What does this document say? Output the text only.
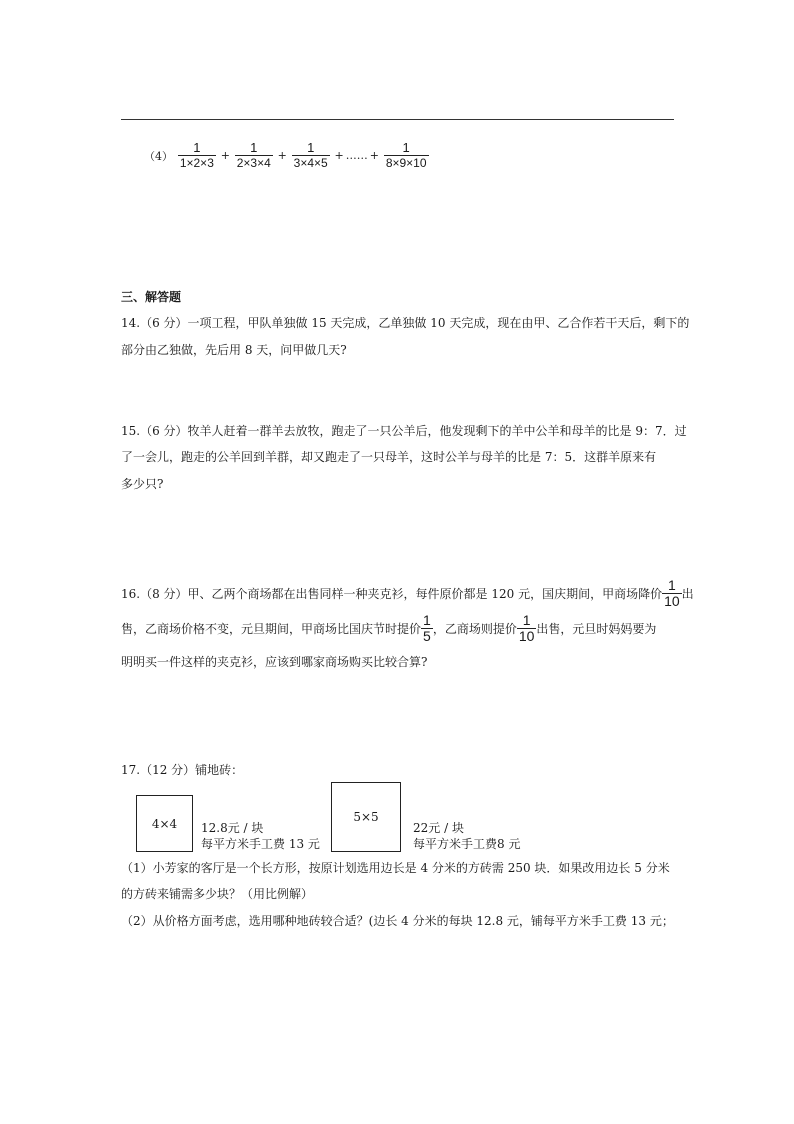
$(4) \frac{1}{1\times 2\times 3} + \frac{1}{2\times 3\times 4} + \frac{1}{3\times 4\times 5}$ + …… + $\frac{1}{8\times 9\times 10}$
三、解答题
14.（6 分）一项工程，甲队单独做 15 天完成，乙单独做 10 天完成，现在由甲、乙合作若干天后，剩下的
部分由乙独做，先后用 8 天，问甲做几天?
15.（6 分）牧羊人赶着一群羊去放牧，跑走了一只公羊后，他发现剩下的羊中公羊和母羊的比是 9：7．过
了一会儿，跑走的公羊回到羊群，却又跑走了一只母羊，这时公羊与母羊的比是 7：5．这群羊原来有
多少只?
16.（8 分）甲、乙两个商场都在出售同样一种夹克衫，每件原价都是 120 元，国庆期间，甲商场降价 $\frac{1}{10}$ 出
售，乙商场价格不变，元旦期间，甲商场比国庆节时提价 $\frac{1}{5}$ ，乙商场则提价 $\frac{1}{10}$ 出售，元旦时妈妈要为
明明买一件这样的夹克衫，应该到哪家商场购买比较合算?
17.（12 分）铺地砖：
4×4	12.8元 / 块
每平方米手工费 13 元
5×5
22元 / 块
每平方米手工费8 元
（1）小芳家的客厅是一个长方形，按原计划选用边长是 4 分米的方砖需 250 块．如果改用边长 5 分米
的方砖来铺需多少块？（用比例解）
（2）从价格方面考虑，选用哪种地砖较合适？(边长 4 分米的每块 12.8 元，铺每平方米手工费 13 元；
